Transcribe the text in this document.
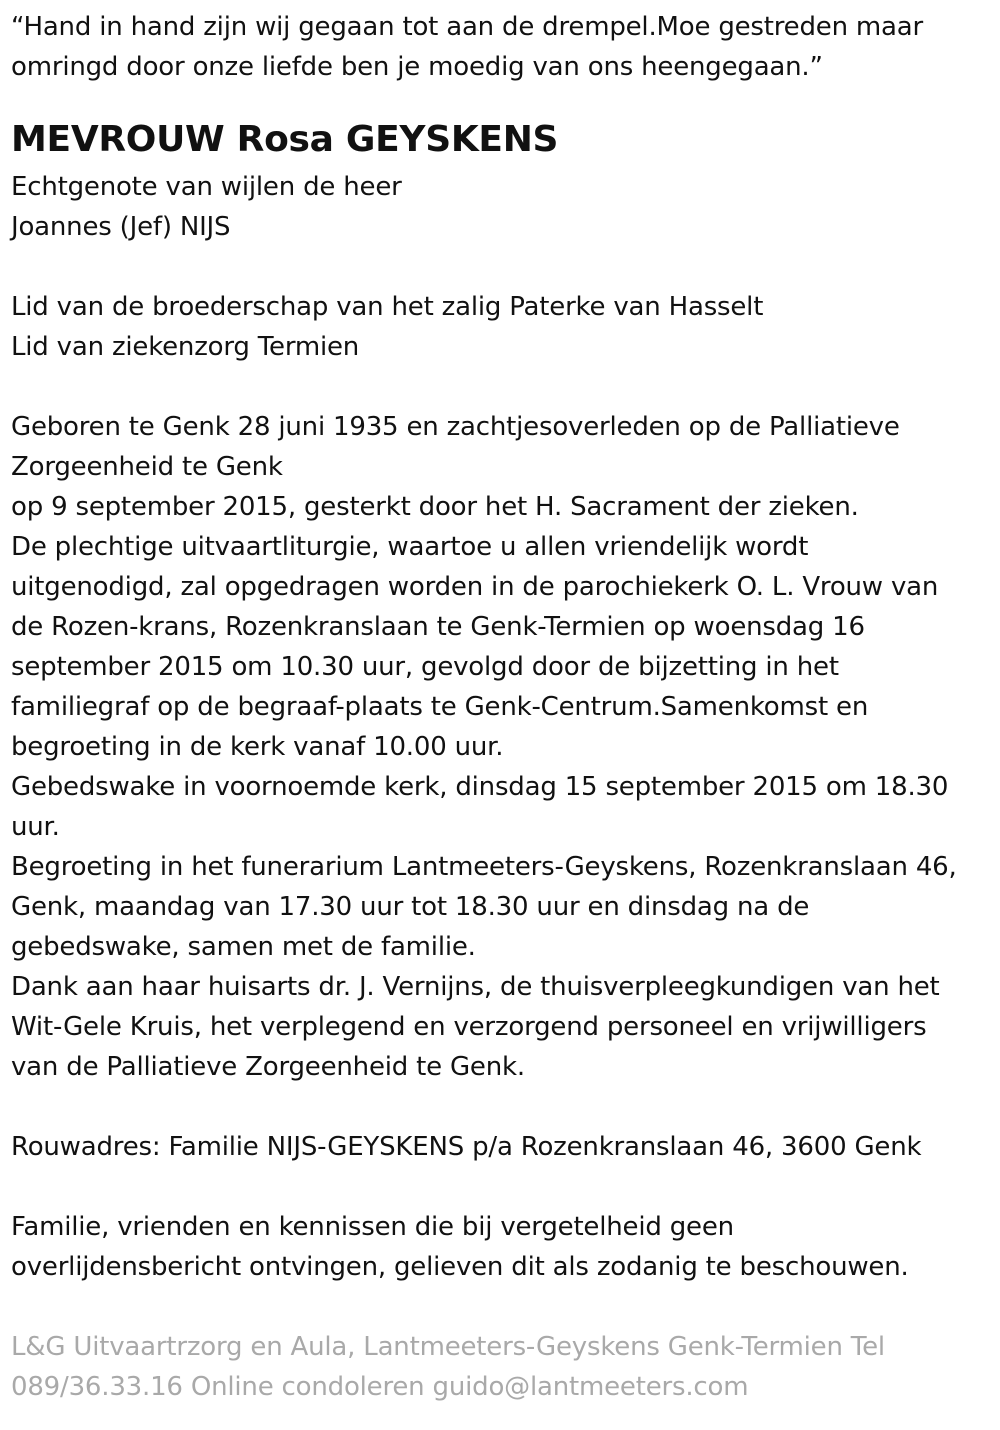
“Hand in hand zijn wij gegaan tot aan de drempel.Moe gestreden maar
omringd door onze liefde ben je moedig van ons heengegaan.”
MEVROUW Rosa GEYSKENS
Echtgenote van wijlen de heer
Joannes (Jef) NIJS
Lid van de broederschap van het zalig Paterke van Hasselt
Lid van ziekenzorg Termien
Geboren te Genk 28 juni 1935 en zachtjesoverleden op de Palliatieve
Zorgeenheid te Genk
op 9 september 2015, gesterkt door het H. Sacrament der zieken.
De plechtige uitvaartliturgie, waartoe u allen vriendelijk wordt
uitgenodigd, zal opgedragen worden in de parochiekerk O. L. Vrouw van
de Rozen-krans, Rozenkranslaan te Genk-Termien op woensdag 16
september 2015 om 10.30 uur, gevolgd door de bijzetting in het
familiegraf op de begraaf-plaats te Genk-Centrum.Samenkomst en
begroeting in de kerk vanaf 10.00 uur.
Gebedswake in voornoemde kerk, dinsdag 15 september 2015 om 18.30
uur.
Begroeting in het funerarium Lantmeeters-Geyskens, Rozenkranslaan 46,
Genk, maandag van 17.30 uur tot 18.30 uur en dinsdag na de
gebedswake, samen met de familie.
Dank aan haar huisarts dr. J. Vernijns, de thuisverpleegkundigen van het
Wit-Gele Kruis, het verplegend en verzorgend personeel en vrijwilligers
van de Palliatieve Zorgeenheid te Genk.
Rouwadres: Familie NIJS-GEYSKENS p/a Rozenkranslaan 46, 3600 Genk
Familie, vrienden en kennissen die bij vergetelheid geen
overlijdensbericht ontvingen, gelieven dit als zodanig te beschouwen.
L&G Uitvaartrzorg en Aula, Lantmeeters-Geyskens Genk-Termien Tel
089/36.33.16 Online condoleren guido@lantmeeters.com
